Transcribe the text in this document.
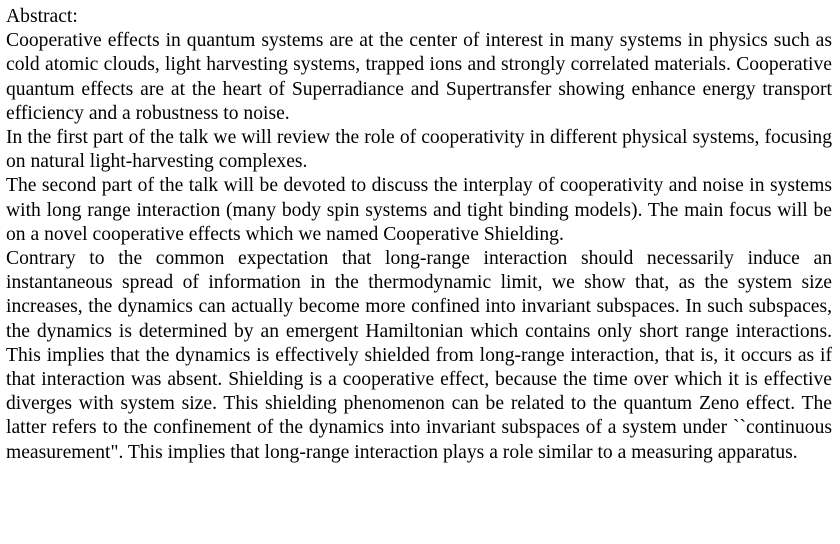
Abstract:

Cooperative effects in quantum systems are at the center of interest in many systems in physics such as cold atomic clouds, light harvesting systems, trapped ions and strongly correlated materials. Cooperative quantum effects are at the heart of Superradiance and Supertransfer showing enhance energy transport efficiency and a robustness to noise.

In the first part of the talk we will review the role of cooperativity in different physical systems, focusing on natural light-harvesting complexes.

The second part of the talk will be devoted to discuss the interplay of cooperativity and noise in systems with long range interaction (many body spin systems and tight binding models). The main focus will be on a novel cooperative effects which we named Cooperative Shielding.

Contrary to the common expectation that long-range interaction should necessarily induce an instantaneous spread of information in the thermodynamic limit, we show that, as the system size increases, the dynamics can actually become more confined into invariant subspaces. In such subspaces, the dynamics is determined by an emergent Hamiltonian which contains only short range interactions. This implies that the dynamics is effectively shielded from long-range interaction, that is, it occurs as if that interaction was absent. Shielding is a cooperative effect, because the time over which it is effective diverges with system size. This shielding phenomenon can be related to the quantum Zeno effect. The latter refers to the confinement of the dynamics into invariant subspaces of a system under ``continuous measurement". This implies that long-range interaction plays a role similar to a measuring apparatus.
